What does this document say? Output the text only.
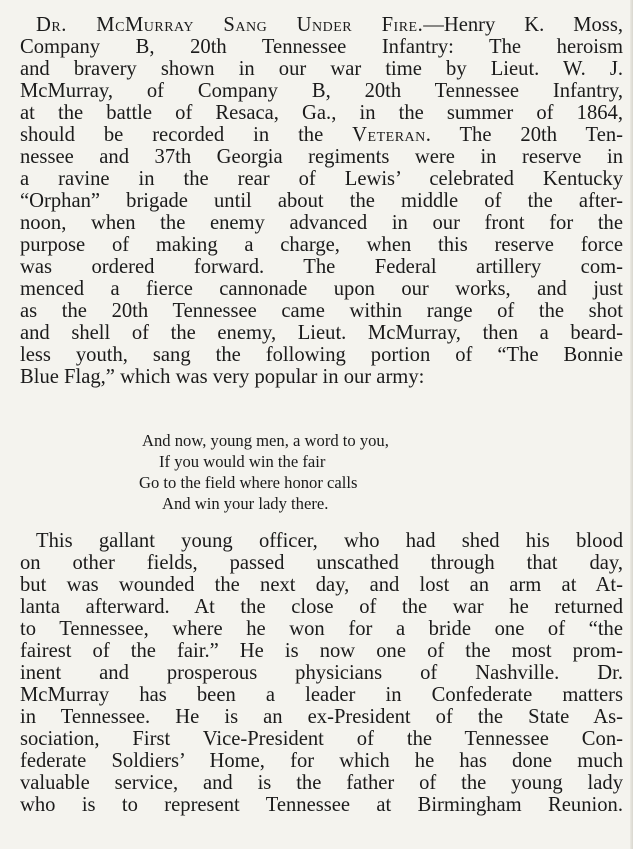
Dr. McMurray Sang Under Fire.—Henry K. Moss,
Company B, 20th Tennessee Infantry: The heroism
and bravery shown in our war time by Lieut. W. J.
McMurray, of Company B, 20th Tennessee Infantry,
at the battle of Resaca, Ga., in the summer of 1864,
should be recorded in the Veteran. The 20th Ten-
nessee and 37th Georgia regiments were in reserve in
a ravine in the rear of Lewis’ celebrated Kentucky
“Orphan” brigade until about the middle of the after-
noon, when the enemy advanced in our front for the
purpose of making a charge, when this reserve force
was ordered forward. The Federal artillery com-
menced a fierce cannonade upon our works, and just
as the 20th Tennessee came within range of the shot
and shell of the enemy, Lieut. McMurray, then a beard-
less youth, sang the following portion of “The Bonnie
Blue Flag,” which was very popular in our army:
And now, young men, a word to you,
If you would win the fair
Go to the field where honor calls
And win your lady there.
This gallant young officer, who had shed his blood
on other fields, passed unscathed through that day,
but was wounded the next day, and lost an arm at At-
lanta afterward. At the close of the war he returned
to Tennessee, where he won for a bride one of “the
fairest of the fair.” He is now one of the most prom-
inent and prosperous physicians of Nashville. Dr.
McMurray has been a leader in Confederate matters
in Tennessee. He is an ex-President of the State As-
sociation, First Vice-President of the Tennessee Con-
federate Soldiers’ Home, for which he has done much
valuable service, and is the father of the young lady
who is to represent Tennessee at Birmingham Reunion.
